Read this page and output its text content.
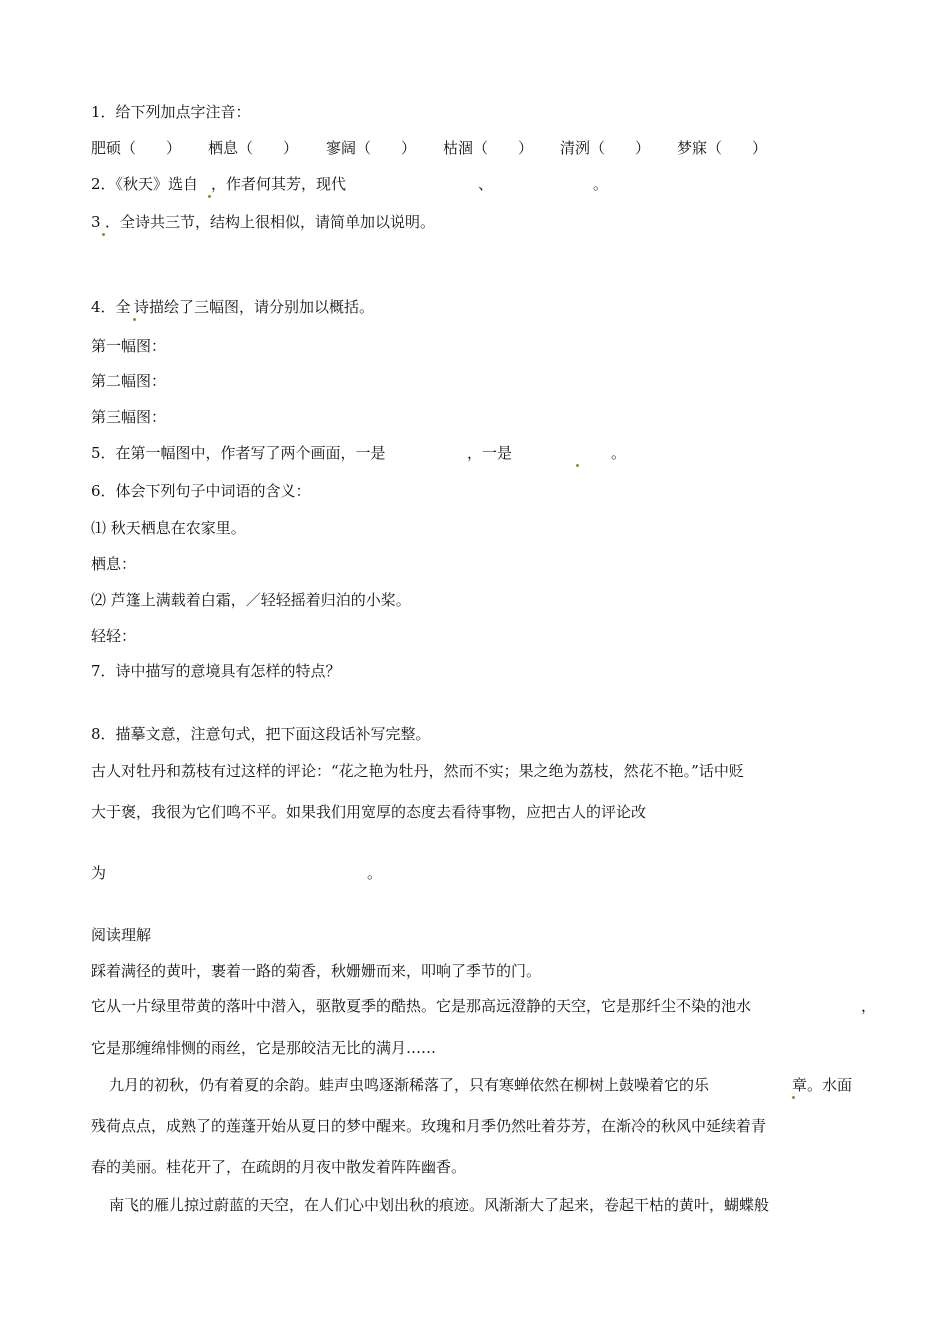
1．给下列加点字注音：
肥硕（　　） 栖息（　　） 寥阔（　　） 枯涸（　　） 清洌（　　） 梦寐（　　）
2．《秋天》选自 ，作者何其芳，现代	、	。
3 ．全诗共三节，结构上很相似，请简单加以说明。
4．全 诗描绘了三幅图，请分别加以概括。
第一幅图：
第二幅图：
第三幅图：
5．在第一幅图中，作者写了两个画面，一是	，一是	。
6．体会下列句子中词语的含义：
⑴ 秋天栖息在农家里。
栖息：
⑵ 芦篷上满载着白霜，／轻轻摇着归泊的小桨。
轻轻：
7．诗中描写的意境具有怎样的特点？
8．描摹文意，注意句式，把下面这段话补写完整。
古人对牡丹和荔枝有过这样的评论：“花之艳为牡丹，然而不实；果之绝为荔枝，然花不艳。”话中贬
大于褒，我很为它们鸣不平。如果我们用宽厚的态度去看待事物，应把古人的评论改
为	。
阅读理解
踩着满径的黄叶，裹着一路的菊香，秋姗姗而来，叩响了季节的门。
它从一片绿里带黄的落叶中潜入，驱散夏季的酷热。它是那高远澄静的天空，它是那纤尘不染的池水	，
它是那缠绵悱恻的雨丝，它是那皎洁无比的满月……
九月的初秋，仍有着夏的余韵。蛙声虫鸣逐渐稀落了，只有寒蝉依然在柳树上鼓噪着它的乐	章。水面
残荷点点，成熟了的莲蓬开始从夏日的梦中醒来。玫瑰和月季仍然吐着芬芳，在渐冷的秋风中延续着青
春的美丽。桂花开了，在疏朗的月夜中散发着阵阵幽香。
南飞的雁儿掠过蔚蓝的天空，在人们心中划出秋的痕迹。风渐渐大了起来，卷起干枯的黄叶，蝴蝶般
